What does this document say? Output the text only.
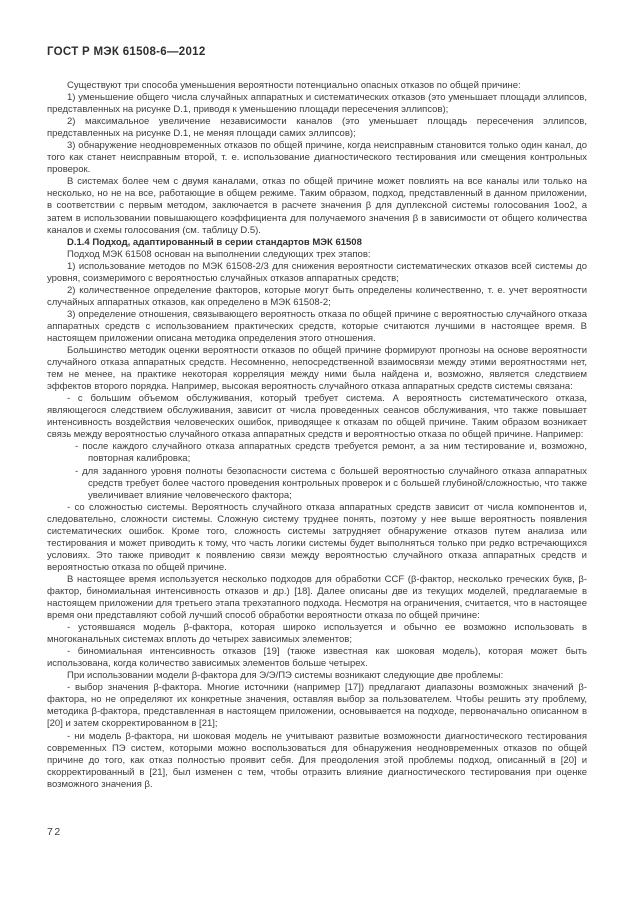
ГОСТ Р МЭК 61508-6—2012

Существуют три способа уменьшения вероятности потенциально опасных отказов по общей причине:

1) уменьшение общего числа случайных аппаратных и систематических отказов (это уменьшает площади эллипсов, представленных на рисунке D.1, приводя к уменьшению площади пересечения эллипсов);

2) максимальное увеличение независимости каналов (это уменьшает площадь пересечения эллипсов, представленных на рисунке D.1, не меняя площади самих эллипсов);

3) обнаружение неодновременных отказов по общей причине, когда неисправным становится только один канал, до того как станет неисправным второй, т. е. использование диагностического тестирования или смещения контрольных проверок.

В системах более чем с двумя каналами, отказ по общей причине может повлиять на все каналы или только на несколько, но не на все, работающие в общем режиме. Таким образом, подход, представленный в данном приложении, в соответствии с первым методом, заключается в расчете значения β для дуплексной системы голосования 1оо2, а затем в использовании повышающего коэффициента для получаемого значения β в зависимости от общего количества каналов и схемы голосования (см. таблицу D.5).

D.1.4 Подход, адаптированный в серии стандартов МЭК 61508

Подход МЭК 61508 основан на выполнении следующих трех этапов:

1) использование методов по МЭК 61508-2/3 для снижения вероятности систематических отказов всей системы до уровня, соизмеримого с вероятностью случайных отказов аппаратных средств;

2) количественное определение факторов, которые могут быть определены количественно, т. е. учет вероятности случайных аппаратных отказов, как определено в МЭК 61508-2;

3) определение отношения, связывающего вероятность отказа по общей причине с вероятностью случайного отказа аппаратных средств с использованием практических средств, которые считаются лучшими в настоящее время. В настоящем приложении описана методика определения этого отношения.

Большинство методик оценки вероятности отказов по общей причине формируют прогнозы на основе вероятности случайного отказа аппаратных средств. Несомненно, непосредственной взаимосвязи между этими вероятностями нет, тем не менее, на практике некоторая корреляция между ними была найдена и, возможно, является следствием эффектов второго порядка. Например, высокая вероятность случайного отказа аппаратных средств системы связана:

- с большим объемом обслуживания, который требует система. А вероятность систематического отказа, являющегося следствием обслуживания, зависит от числа проведенных сеансов обслуживания, что также повышает интенсивность воздействия человеческих ошибок, приводящее к отказам по общей причине. Таким образом возникает связь между вероятностью случайного отказа аппаратных средств и вероятностью отказа по общей причине. Например:

- после каждого случайного отказа аппаратных средств требуется ремонт, а за ним тестирование и, возможно, повторная калибровка;

- для заданного уровня полноты безопасности система с большей вероятностью случайного отказа аппаратных средств требует более частого проведения контрольных проверок и с большей глубиной/сложностью, что также увеличивает влияние человеческого фактора;

- со сложностью системы. Вероятность случайного отказа аппаратных средств зависит от числа компонентов и, следовательно, сложности системы. Сложную систему труднее понять, поэтому у нее выше вероятность появления систематических ошибок. Кроме того, сложность системы затрудняет обнаружение отказов путем анализа или тестирования и может приводить к тому, что часть логики системы будет выполняться только при редко встречающихся условиях. Это также приводит к появлению связи между вероятностью случайного отказа аппаратных средств и вероятностью отказа по общей причине.

В настоящее время используется несколько подходов для обработки CCF (β-фактор, несколько греческих букв, β-фактор, биномиальная интенсивность отказов и др.) [18]. Далее описаны две из текущих моделей, предлагаемые в настоящем приложении для третьего этапа трехэтапного подхода. Несмотря на ограничения, считается, что в настоящее время они представляют собой лучший способ обработки вероятности отказа по общей причине:

- устоявшаяся модель β-фактора, которая широко используется и обычно ее возможно использовать в многоканальных системах вплоть до четырех зависимых элементов;

- биномиальная интенсивность отказов [19] (также известная как шоковая модель), которая может быть использована, когда количество зависимых элементов больше четырех.

При использовании модели β-фактора для Э/Э/ПЭ системы возникают следующие две проблемы:

- выбор значения β-фактора. Многие источники (например [17]) предлагают диапазоны возможных значений β-фактора, но не определяют их конкретные значения, оставляя выбор за пользователем. Чтобы решить эту проблему, методика β-фактора, представленная в настоящем приложении, основывается на подходе, первоначально описанном в [20] и затем скорректированном в [21];

- ни модель β-фактора, ни шоковая модель не учитывают развитые возможности диагностического тестирования современных ПЭ систем, которыми можно воспользоваться для обнаружения неодновременных отказов по общей причине до того, как отказ полностью проявит себя. Для преодоления этой проблемы подход, описанный в [20] и скорректированный в [21], был изменен с тем, чтобы отразить влияние диагностического тестирования при оценке возможного значения β.

72
